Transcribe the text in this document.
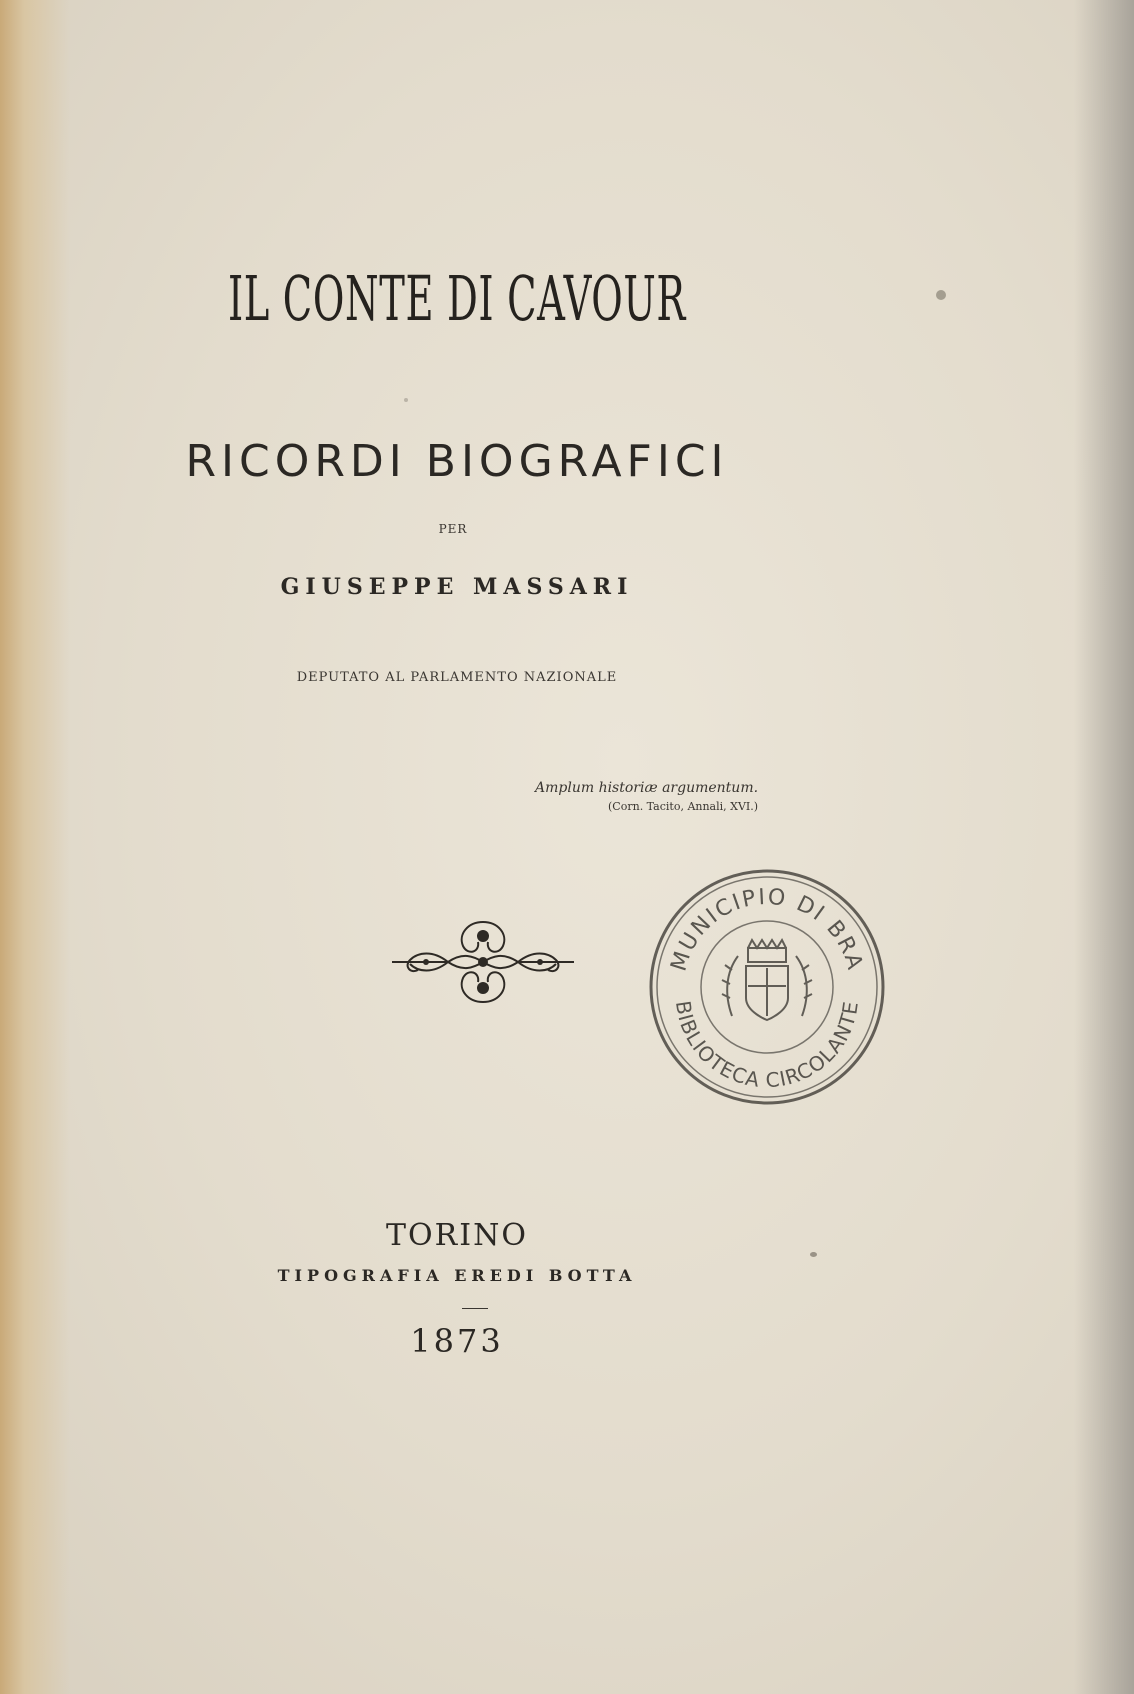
IL CONTE DI CAVOUR
RICORDI BIOGRAFICI
PER
GIUSEPPE MASSARI
DEPUTATO AL PARLAMENTO NAZIONALE
Amplum historiæ argumentum.
(Corn. Tacito, Annali, XVI.)
MUNICIPIO DI BRA
BIBLIOTECA CIRCOLANTE
TORINO
TIPOGRAFIA EREDI BOTTA
1873
